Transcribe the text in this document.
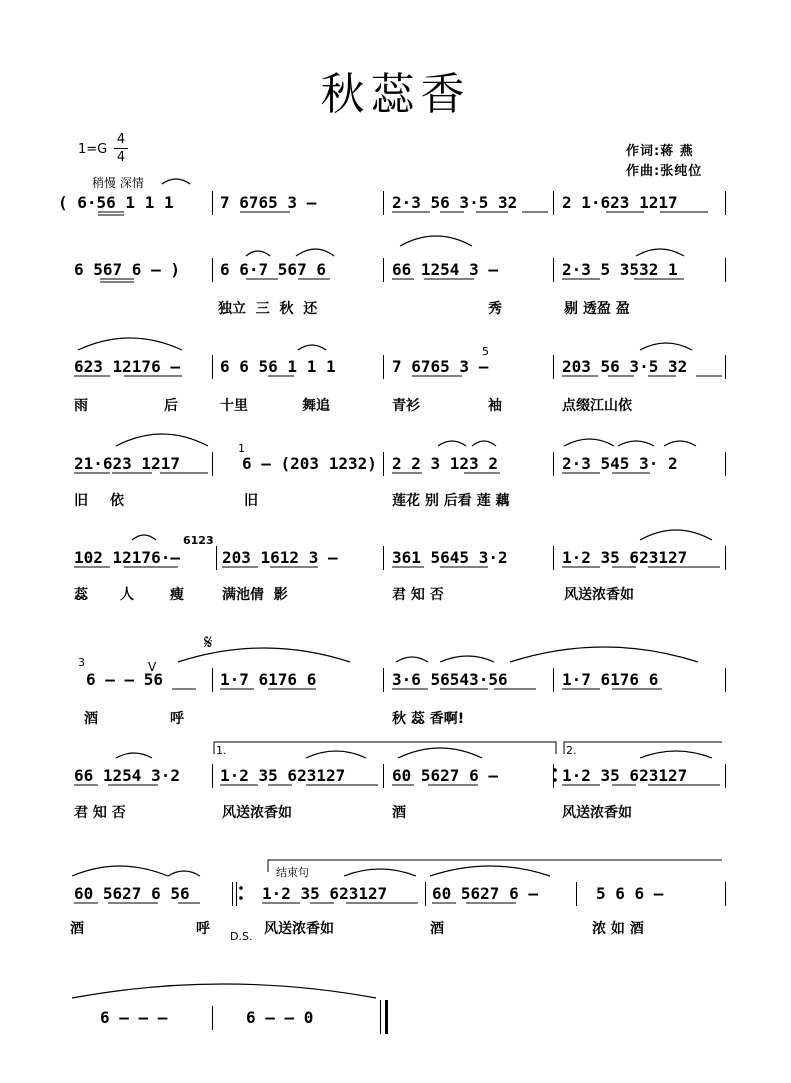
秋蕊香
1=G
4
4	作词:蒋 燕
作曲:张纯位
稍慢 深情
( 6·56 1 1 1	7 6765 3 –	2·3 56 3·5 32	2 1·623 1217
6 567 6 – )	6 6·7 567 6	66 1254 3 –	2·3 5 3532 1
独立  三  秋  还	秀	剔 透盈 盈
623 12176 –	6 6 56 1 1 1	7 6765 3 –	203 56 3·5 32
5
雨	后	十里	舞追	青衫	袖	点缀江山依
21·623 1217	6 — (203 1232) 2 2 3 123 2	2·3 545 3· 2
1
旧 依	旧	莲花 别 后看 莲 藕
102 12176·—	203 1612 3 –	361 5645 3·2	1·2 35 623127
6123
蕊 人	瘦	满池倩  影	君 知 否	风送浓香如
𝄋
V
6 – – 56	1·7 6176 6	3·6 56543·56	1·7 6176 6
3
酒	呼	秋 蕊 香啊!
1.	2.
66 1254 3·2	1·2 35 623127	60 5627 6 –	1·2 35 623127
君 知 否	风送浓香如	酒	风送浓香如
结束句
60 5627 6 56	1·2 35 623127	60 5627 6 –	5 6 6 –
酒	呼 D.S. 风送浓香如	酒	浓 如 酒
6 – – –	6 – – 0
